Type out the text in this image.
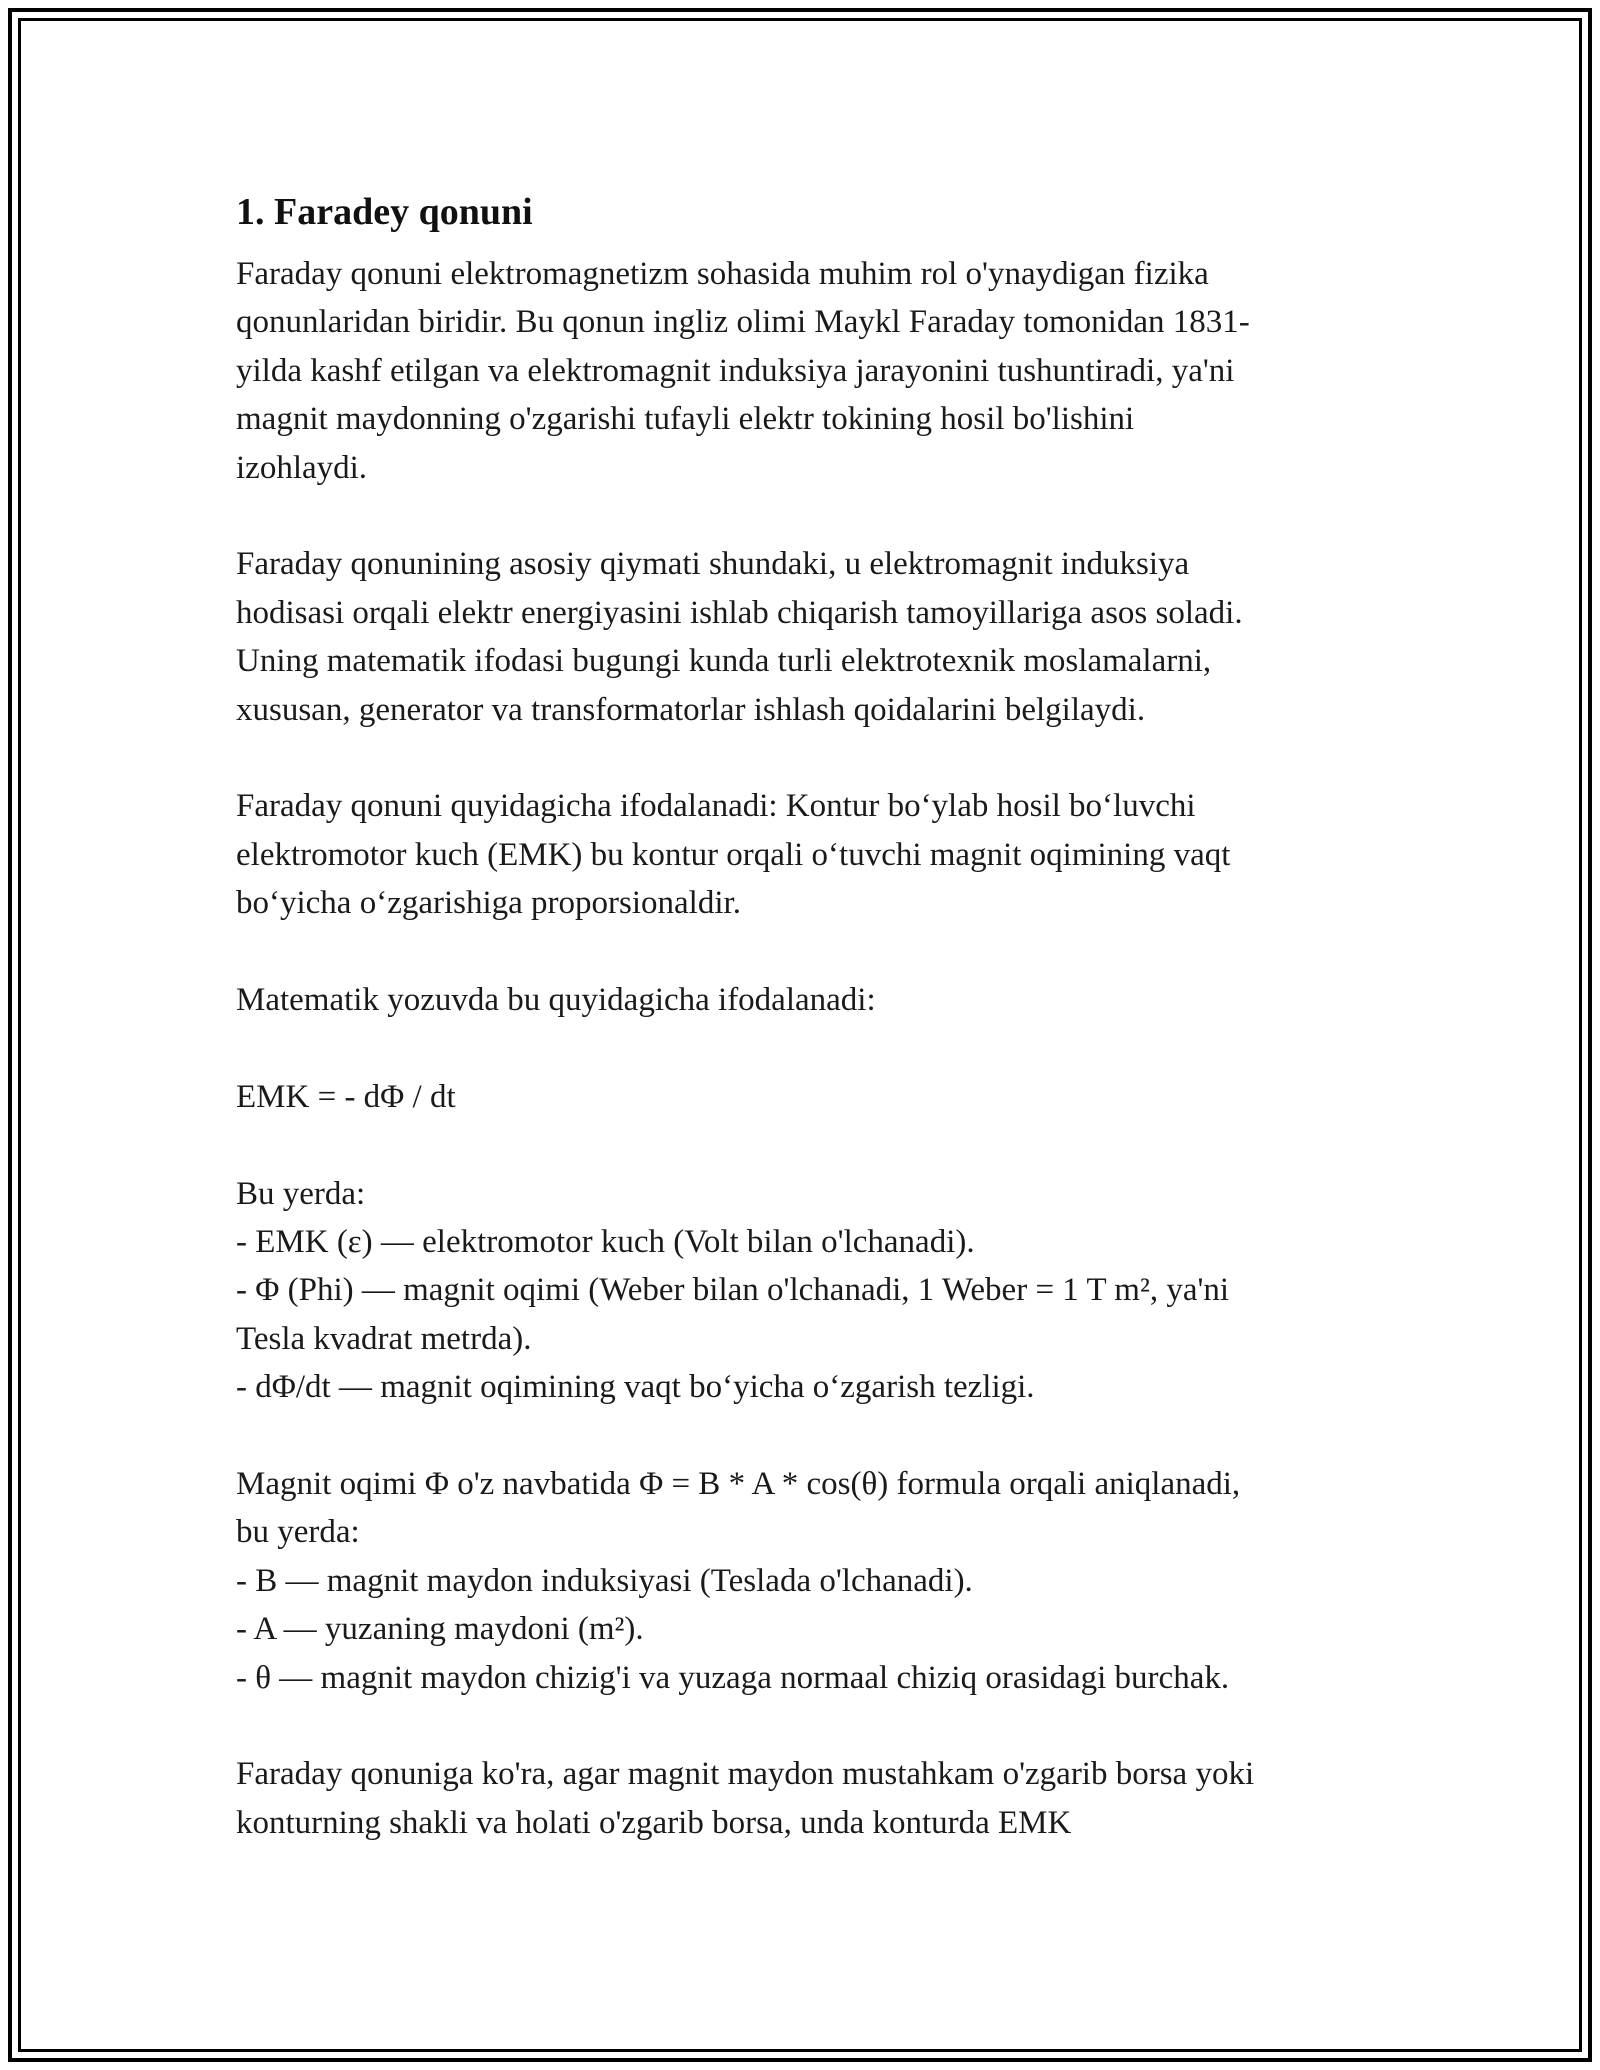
1. Faradey qonuni

Faraday qonuni elektromagnetizm sohasida muhim rol o'ynaydigan fizika
qonunlaridan biridir. Bu qonun ingliz olimi Maykl Faraday tomonidan 1831-
yilda kashf etilgan va elektromagnit induksiya jarayonini tushuntiradi, ya'ni
magnit maydonning o'zgarishi tufayli elektr tokining hosil bo'lishini
izohlaydi.

Faraday qonunining asosiy qiymati shundaki, u elektromagnit induksiya
hodisasi orqali elektr energiyasini ishlab chiqarish tamoyillariga asos soladi.
Uning matematik ifodasi bugungi kunda turli elektrotexnik moslamalarni,
xususan, generator va transformatorlar ishlash qoidalarini belgilaydi.

Faraday qonuni quyidagicha ifodalanadi: Kontur bo‘ylab hosil bo‘luvchi
elektromotor kuch (EMK) bu kontur orqali o‘tuvchi magnit oqimining vaqt
bo‘yicha o‘zgarishiga proporsionaldir.

Matematik yozuvda bu quyidagicha ifodalanadi:

EMK = - dΦ / dt

Bu yerda:
- EMK (ε) — elektromotor kuch (Volt bilan o'lchanadi).
- Φ (Phi) — magnit oqimi (Weber bilan o'lchanadi, 1 Weber = 1 T m², ya'ni
Tesla kvadrat metrda).
- dΦ/dt — magnit oqimining vaqt bo‘yicha o‘zgarish tezligi.

Magnit oqimi Φ o'z navbatida Φ = B * A * cos(θ) formula orqali aniqlanadi,
bu yerda:
- B — magnit maydon induksiyasi (Teslada o'lchanadi).
- A — yuzaning maydoni (m²).
- θ — magnit maydon chizig'i va yuzaga normaal chiziq orasidagi burchak.

Faraday qonuniga ko'ra, agar magnit maydon mustahkam o'zgarib borsa yoki
konturning shakli va holati o'zgarib borsa, unda konturda EMK
